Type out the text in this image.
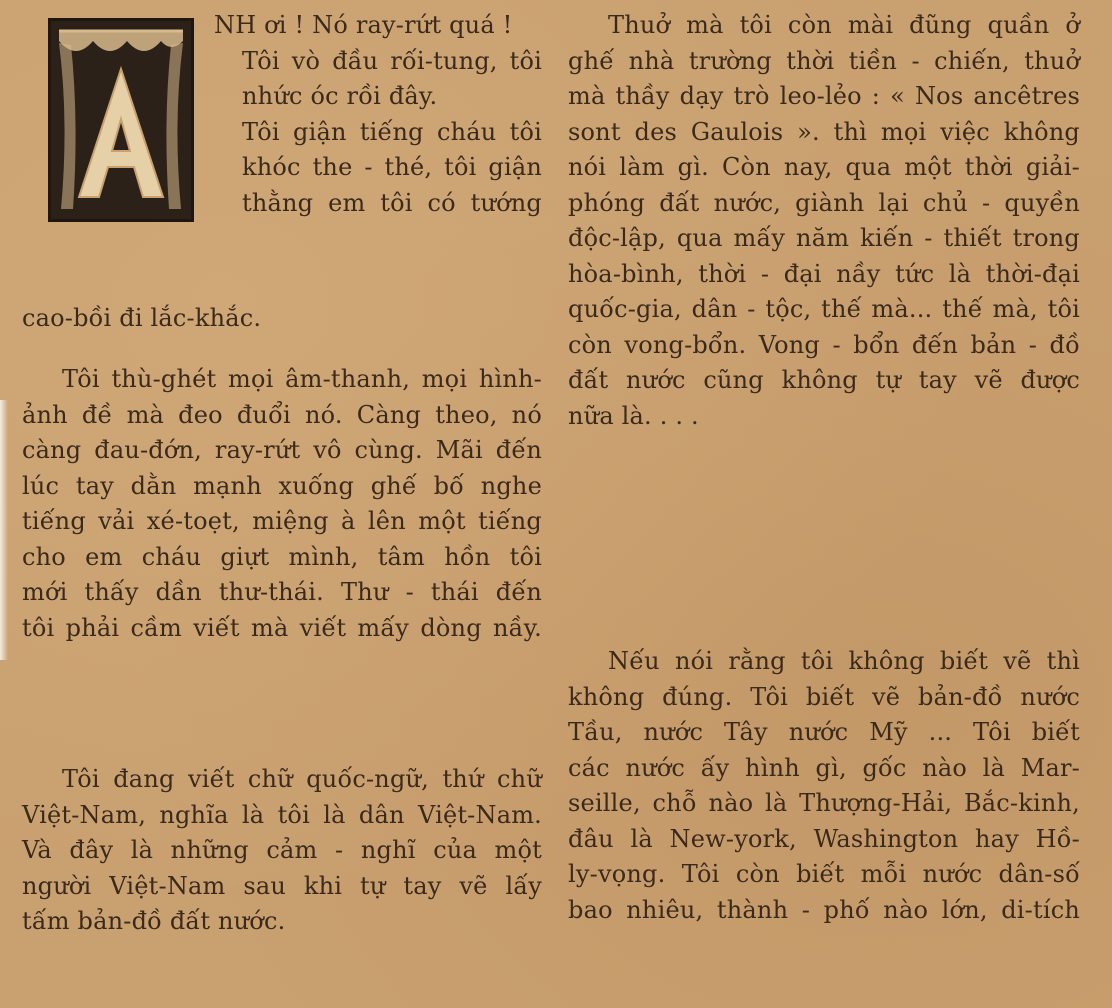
NH ơi ! Nó ray-rứt quá !
Tôi vò đầu rối-tung, tôi
nhức óc rồi đây.
Tôi giận tiếng cháu tôi
khóc the - thé, tôi giận
thằng em tôi có tướng
cao-bồi đi lắc-khắc.
Tôi thù-ghét mọi âm-thanh, mọi hình-
ảnh đề mà đeo đuổi nó. Càng theo, nó
càng đau-đớn, ray-rứt vô cùng. Mãi đến
lúc tay dằn mạnh xuống ghế bố nghe
tiếng vải xé-toẹt, miệng à lên một tiếng
cho em cháu giựt mình, tâm hồn tôi
mới thấy dần thư-thái. Thư - thái đến
tôi phải cầm viết mà viết mấy dòng nầy.
Tôi đang viết chữ quốc-ngữ, thứ chữ
Việt-Nam, nghĩa là tôi là dân Việt-Nam.
Và đây là những cảm - nghĩ của một
người Việt-Nam sau khi tự tay vẽ lấy
tấm bản-đồ đất nước.
Thuở mà tôi còn mài đũng quần ở
ghế nhà trường thời tiền - chiến, thuở
mà thầy dạy trò leo-lẻo : « Nos ancêtres
sont des Gaulois ». thì mọi việc không
nói làm gì. Còn nay, qua một thời giải-
phóng đất nước, giành lại chủ - quyền
độc-lập, qua mấy năm kiến - thiết trong
hòa-bình, thời - đại nầy tức là thời-đại
quốc-gia, dân - tộc, thế mà... thế mà, tôi
còn vong-bổn. Vong - bổn đến bản - đồ
đất nước cũng không tự tay vẽ được
nữa là. . . .
Nếu nói rằng tôi không biết vẽ thì
không đúng. Tôi biết vẽ bản-đồ nước
Tầu, nước Tây nước Mỹ ... Tôi biết
các nước ấy hình gì, gốc nào là Mar-
seille, chỗ nào là Thượng-Hải, Bắc-kinh,
đâu là New-york, Washington hay Hồ-
ly-vọng. Tôi còn biết mỗi nước dân-số
bao nhiêu, thành - phố nào lớn, di-tích
